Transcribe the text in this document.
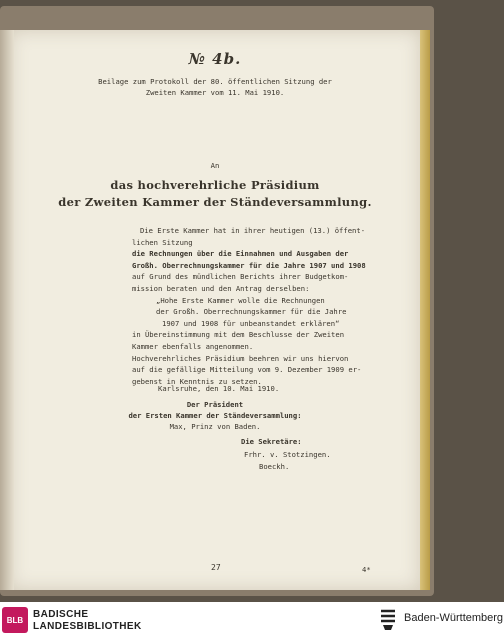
№ 4b.
Beilage zum Protokoll der 80. öffentlichen Sitzung der
Zweiten Kammer vom 11. Mai 1910.
An
das hochverehrliche Präsidium
der Zweiten Kammer der Ständeversammlung.
Die Erste Kammer hat in ihrer heutigen (13.) öffent-
lichen Sitzung
die Rechnungen über die Einnahmen und Ausgaben der
Großh. Oberrechnungskammer für die Jahre 1907 und 1908
auf Grund des mündlichen Berichts ihrer Budgetkom-
mission beraten und den Antrag derselben:
„Hohe Erste Kammer wolle die Rechnungen
der Großh. Oberrechnungskammer für die Jahre
1907 und 1908 für unbeanstandet erklären“
in Übereinstimmung mit dem Beschlusse der Zweiten
Kammer ebenfalls angenommen.
Hochverehrliches Präsidium beehren wir uns hiervon
auf die gefällige Mitteilung vom 9. Dezember 1909 er-
gebenst in Kenntnis zu setzen.
Karlsruhe, den 10. Mai 1910.
Der Präsident
der Ersten Kammer der Ständeversammlung:
Max, Prinz von Baden.
Die Sekretäre:
Frhr. v. Stotzingen.
Boeckh.
27	4*
BLB BADISCHE
LANDESBIBLIOTHEK
Baden-Württemberg
